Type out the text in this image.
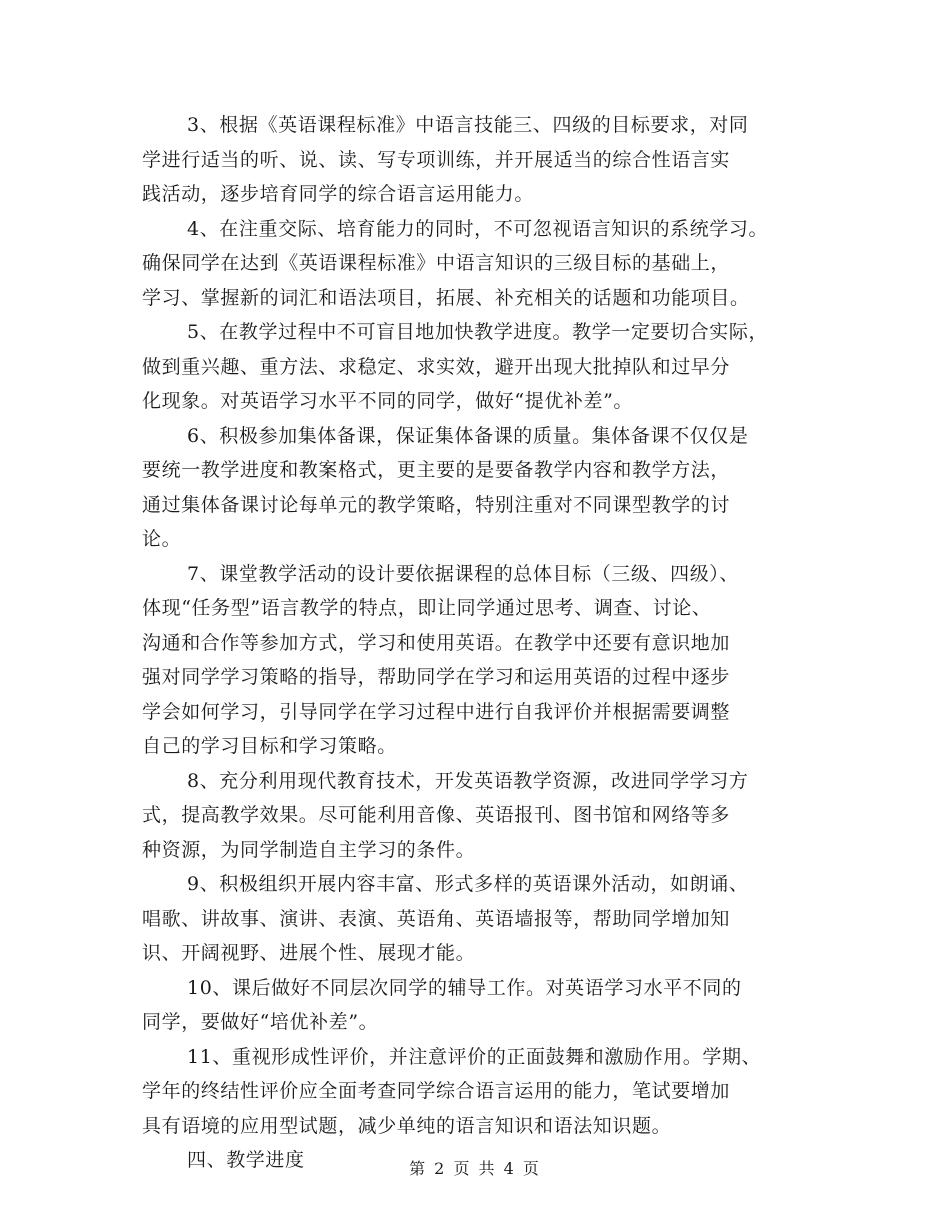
3、根据《英语课程标准》中语言技能三、四级的目标要求，对同
学进行适当的听、说、读、写专项训练，并开展适当的综合性语言实
践活动，逐步培育同学的综合语言运用能力。

4、在注重交际、培育能力的同时，不可忽视语言知识的系统学习。
确保同学在达到《英语课程标准》中语言知识的三级目标的基础上，
学习、掌握新的词汇和语法项目，拓展、补充相关的话题和功能项目。

5、在教学过程中不可盲目地加快教学进度。教学一定要切合实际，
做到重兴趣、重方法、求稳定、求实效，避开出现大批掉队和过早分
化现象。对英语学习水平不同的同学，做好“提优补差”。

6、积极参加集体备课，保证集体备课的质量。集体备课不仅仅是
要统一教学进度和教案格式，更主要的是要备教学内容和教学方法，
通过集体备课讨论每单元的教学策略，特别注重对不同课型教学的讨
论。

7、课堂教学活动的设计要依据课程的总体目标（三级、四级）、
体现“任务型”语言教学的特点，即让同学通过思考、调查、讨论、
沟通和合作等参加方式，学习和使用英语。在教学中还要有意识地加
强对同学学习策略的指导，帮助同学在学习和运用英语的过程中逐步
学会如何学习，引导同学在学习过程中进行自我评价并根据需要调整
自己的学习目标和学习策略。

8、充分利用现代教育技术，开发英语教学资源，改进同学学习方
式，提高教学效果。尽可能利用音像、英语报刊、图书馆和网络等多
种资源，为同学制造自主学习的条件。

9、积极组织开展内容丰富、形式多样的英语课外活动，如朗诵、
唱歌、讲故事、演讲、表演、英语角、英语墙报等，帮助同学增加知
识、开阔视野、进展个性、展现才能。

10、课后做好不同层次同学的辅导工作。对英语学习水平不同的
同学，要做好“培优补差”。

11、重视形成性评价，并注意评价的正面鼓舞和激励作用。学期、
学年的终结性评价应全面考查同学综合语言运用的能力，笔试要增加
具有语境的应用型试题，减少单纯的语言知识和语法知识题。

四、教学进度	第 2 页 共 4 页
